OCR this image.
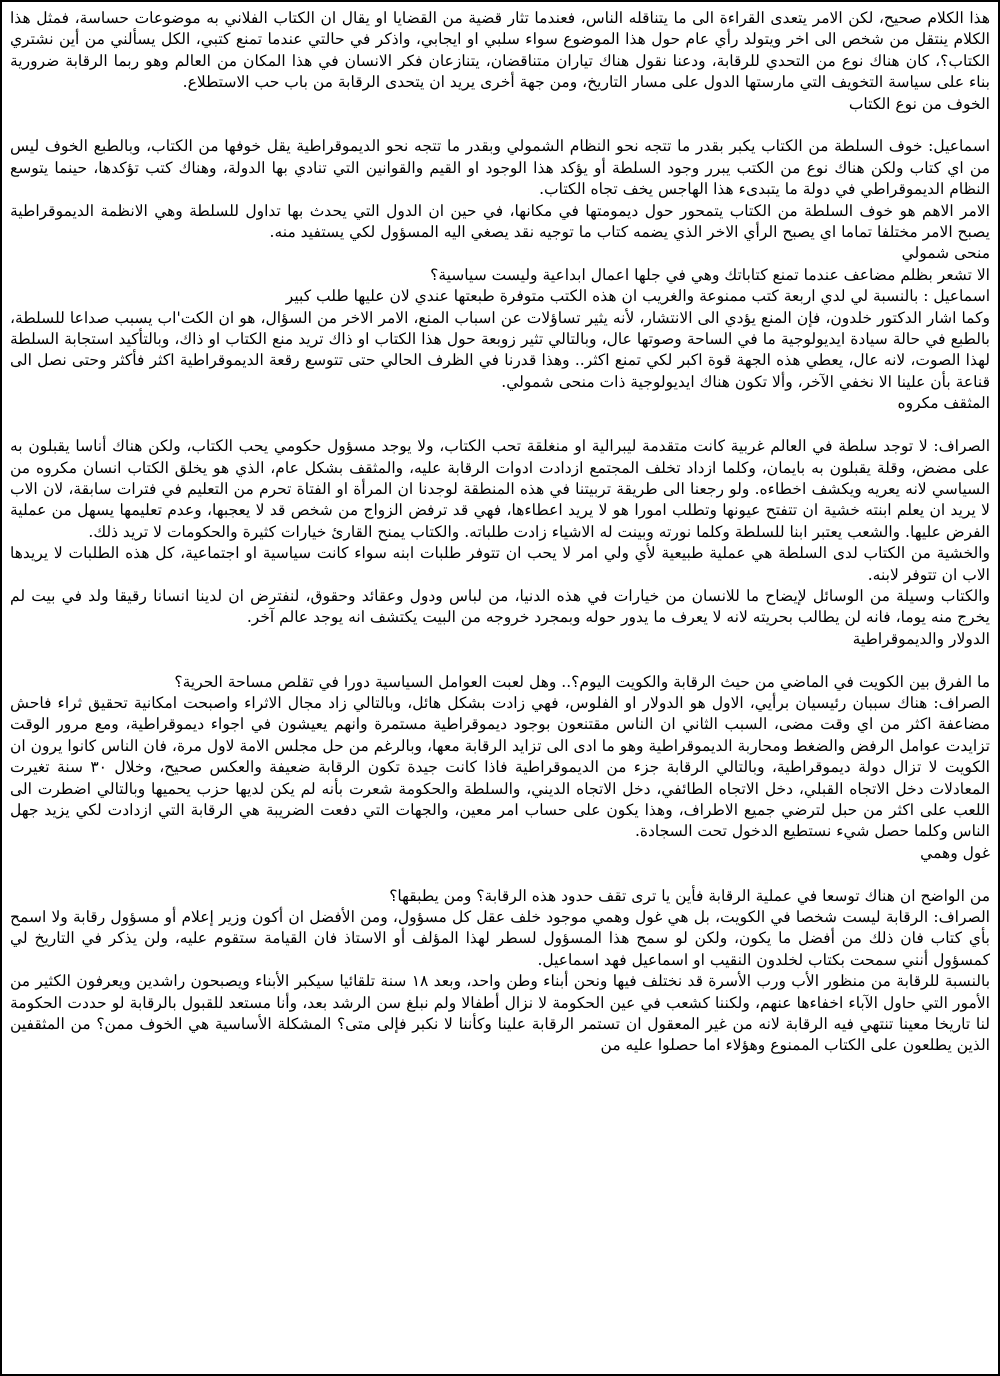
هذا الكلام صحيح، لكن الامر يتعدى القراءة الى ما يتناقله الناس، فعندما تثار قضية من القضايا او يقال ان الكتاب الفلاني به موضوعات حساسة، فمثل هذا الكلام ينتقل من شخص الى اخر ويتولد رأي عام حول هذا الموضوع سواء سلبي او ايجابي، واذكر في حالتي عندما تمنع كتبي، الكل يسألني من أين نشتري الكتاب؟، كان هناك نوع من التحدي للرقابة، ودعنا نقول هناك تياران متناقضان، يتنازعان فكر الانسان في هذا المكان من العالم وهو ربما الرقابة ضرورية بناء على سياسة التخويف التي مارستها الدول على مسار التاريخ، ومن جهة أخرى يريد ان يتحدى الرقابة من باب حب الاستطلاع.

الخوف من نوع الكتاب

اسماعيل: خوف السلطة من الكتاب يكبر بقدر ما تتجه نحو النظام الشمولي وبقدر ما تتجه نحو الديموقراطية يقل خوفها من الكتاب، وبالطبع الخوف ليس من اي كتاب ولكن هناك نوع من الكتب يبرر وجود السلطة أو يؤكد هذا الوجود او القيم والقوانين التي تنادي بها الدولة، وهناك كتب تؤكدها، حينما يتوسع النظام الديموقراطي في دولة ما يتبدىء هذا الهاجس يخف تجاه الكتاب.

الامر الاهم هو خوف السلطة من الكتاب يتمحور حول ديمومتها في مكانها، في حين ان الدول التي يحدث بها تداول للسلطة وهي الانظمة الديموقراطية يصبح الامر مختلفا تماما اي يصبح الرأي الاخر الذي يضمه كتاب ما توجيه نقد يصغي اليه المسؤول لكي يستفيد منه.

منحى شمولي

الا تشعر بظلم مضاعف عندما تمنع كتاباتك وهي في جلها اعمال ابداعية وليست سياسية؟

اسماعيل : بالنسبة لي لدي اربعة كتب ممنوعة والغريب ان هذه الكتب متوفرة طبعتها عندي لان عليها طلب كبير

وكما اشار الدكتور خلدون، فإن المنع يؤدي الى الانتشار، لأنه يثير تساؤلات عن اسباب المنع، الامر الاخر من السؤال، هو ان الكت'اب يسبب صداعا للسلطة، بالطبع في حالة سيادة ايديولوجية ما في الساحة وصوتها عال، وبالتالي تثير زوبعة حول هذا الكتاب او ذاك تريد منع الكتاب او ذاك، وبالتأكيد استجابة السلطة لهذا الصوت، لانه عال، يعطي هذه الجهة قوة اكبر لكي تمنع اكثر.. وهذا قدرنا في الظرف الحالي حتى تتوسع رقعة الديموقراطية اكثر فأكثر وحتى نصل الى قناعة بأن علينا الا نخفي الآخر، وألا تكون هناك ايديولوجية ذات منحى شمولي.

المثقف مكروه

الصراف: لا توجد سلطة في العالم غربية كانت متقدمة ليبرالية او منغلقة تحب الكتاب، ولا يوجد مسؤول حكومي يحب الكتاب، ولكن هناك أناسا يقبلون به على مضض، وقلة يقبلون به بايمان، وكلما ازداد تخلف المجتمع ازدادت ادوات الرقابة عليه، والمثقف بشكل عام، الذي هو يخلق الكتاب انسان مكروه من السياسي لانه يعريه ويكشف اخطاءه. ولو رجعنا الى طريقة تربيتنا في هذه المنطقة لوجدنا ان المرأة او الفتاة تحرم من التعليم في فترات سابقة، لان الاب لا يريد ان يعلم ابنته خشية ان تتفتح عيونها وتطلب امورا هو لا يريد اعطاءها، فهي قد ترفض الزواج من شخص قد لا يعجبها، وعدم تعليمها يسهل من عملية الفرض عليها. والشعب يعتبر ابنا للسلطة وكلما نورته وبينت له الاشياء زادت طلباته. والكتاب يمنح القارئ خيارات كثيرة والحكومات لا تريد ذلك.

والخشية من الكتاب لدى السلطة هي عملية طبيعية لأي ولي امر لا يحب ان تتوفر طلبات ابنه سواء كانت سياسية او اجتماعية، كل هذه الطلبات لا يريدها الاب ان تتوفر لابنه.

والكتاب وسيلة من الوسائل لإيضاح ما للانسان من خيارات في هذه الدنيا، من لباس ودول وعقائد وحقوق، لنفترض ان لدينا انسانا رقيقا ولد في بيت لم يخرج منه يوما، فانه لن يطالب بحريته لانه لا يعرف ما يدور حوله وبمجرد خروجه من البيت يكتشف انه يوجد عالم آخر.

الدولار والديموقراطية

ما الفرق بين الكويت في الماضي من حيث الرقابة والكويت اليوم؟.. وهل لعبت العوامل السياسية دورا في تقلص مساحة الحرية؟

الصراف: هناك سببان رئيسيان برأيي، الاول هو الدولار او الفلوس، فهي زادت بشكل هائل، وبالتالي زاد مجال الاثراء واصبحت امكانية تحقيق ثراء فاحش مضاعفة اكثر من اي وقت مضى، السبب الثاني ان الناس مقتنعون بوجود ديموقراطية مستمرة وانهم يعيشون في اجواء ديموقراطية، ومع مرور الوقت تزايدت عوامل الرفض والضغط ومحاربة الديموقراطية وهو ما ادى الى تزايد الرقابة معها، وبالرغم من حل مجلس الامة لاول مرة، فان الناس كانوا يرون ان الكويت لا تزال دولة ديموقراطية، وبالتالي الرقابة جزء من الديموقراطية فاذا كانت جيدة تكون الرقابة ضعيفة والعكس صحيح، وخلال ٣٠ سنة تغيرت المعادلات دخل الاتجاه القبلي، دخل الاتجاه الطائفي، دخل الاتجاه الديني، والسلطة والحكومة شعرت بأنه لم يكن لديها حزب يحميها وبالتالي اضطرت الى اللعب على اكثر من حبل لترضي جميع الاطراف، وهذا يكون على حساب امر معين، والجهات التي دفعت الضريبة هي الرقابة التي ازدادت لكي يزيد جهل الناس وكلما حصل شيء نستطيع الدخول تحت السجادة.

غول وهمي

من الواضح ان هناك توسعا في عملية الرقابة فأين يا ترى تقف حدود هذه الرقابة؟ ومن يطبقها؟

الصراف: الرقابة ليست شخصا في الكويت، بل هي غول وهمي موجود خلف عقل كل مسؤول، ومن الأفضل ان أكون وزير إعلام أو مسؤول رقابة ولا اسمح بأي كتاب فان ذلك من أفضل ما يكون، ولكن لو سمح هذا المسؤول لسطر لهذا المؤلف أو الاستاذ فان القيامة ستقوم عليه، ولن يذكر في التاريخ لي كمسؤول أنني سمحت بكتاب لخلدون النقيب او اسماعيل فهد اسماعيل.

بالنسبة للرقابة من منظور الأب ورب الأسرة قد نختلف فيها ونحن أبناء وطن واحد، وبعد ١٨ سنة تلقائيا سيكبر الأبناء ويصبحون راشدين ويعرفون الكثير من الأمور التي حاول الآباء اخفاءها عنهم، ولكننا كشعب في عين الحكومة لا نزال أطفالا ولم نبلغ سن الرشد بعد، وأنا مستعد للقبول بالرقابة لو حددت الحكومة لنا تاريخا معينا تنتهي فيه الرقابة لانه من غير المعقول ان تستمر الرقابة علينا وكأننا لا نكبر فإلى متى؟ المشكلة الأساسية هي الخوف ممن؟ من المثقفين الذين يطلعون على الكتاب الممنوع وهؤلاء اما حصلوا عليه من
